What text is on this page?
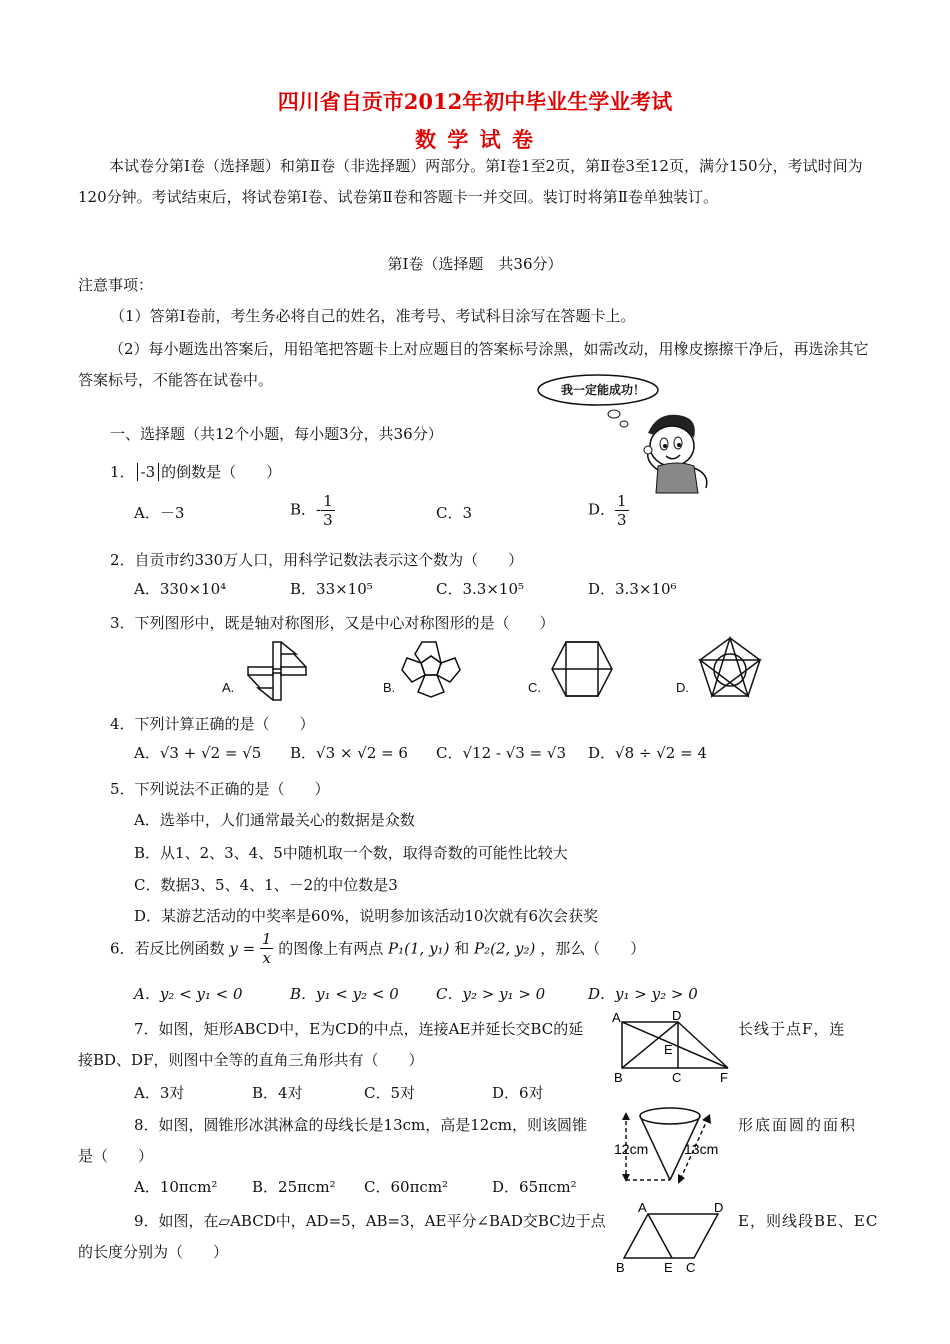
四川省自贡市2012年初中毕业生学业考试
数 学 试 卷
本试卷分第Ⅰ卷（选择题）和第Ⅱ卷（非选择题）两部分。第Ⅰ卷1至2页，第Ⅱ卷3至12页，满分150分，考试时间为120分钟。考试结束后，将试卷第Ⅰ卷、试卷第Ⅱ卷和答题卡一并交回。装订时将第Ⅱ卷单独装订。
第Ⅰ卷（选择题　共36分）
注意事项：
（1）答第Ⅰ卷前，考生务必将自己的姓名，准考号、考试科目涂写在答题卡上。
（2）每小题选出答案后，用铅笔把答题卡上对应题目的答案标号涂黑，如需改动，用橡皮擦擦干净后，再选涂其它答案标号，不能答在试卷中。
我一定能成功！
一、选择题（共12个小题，每小题3分，共36分）
1． -3 的倒数是（　　）
A．－3	B．- $\frac{1}{3}$	C．3	D． $\frac{1}{3}$
2．自贡市约330万人口，用科学记数法表示这个数为（　　）
A．330×10⁴	B．33×10⁵	C．3.3×10⁵	D．3.3×10⁶
3．下列图形中，既是轴对称图形，又是中心对称图形的是（　　）
A.	B.	C.	D.
4．下列计算正确的是（　　）
A．√3 + √2 = √5 B．√3 × √2 = 6 C．√12 - √3 = √3 D．√8 ÷ √2 = 4
5．下列说法不正确的是（　　）
A．选举中，人们通常最关心的数据是众数
B．从1、2、3、4、5中随机取一个数，取得奇数的可能性比较大
C．数据3、5、4、1、－2的中位数是3
D．某游艺活动的中奖率是60%，说明参加该活动10次就有6次会获奖
6．若反比例函数 $y = \frac{1}{x}$ 的图像上有两点 P₁(1, y₁) 和 P₂(2, y₂) ，那么（　　）
A．y₂ < y₁ < 0	B．y₁ < y₂ < 0 C．y₂ > y₁ > 0	D．y₁ > y₂ > 0
7．如图，矩形ABCD中，E为CD的中点，连接AE并延长交BC的延	长线于点F，连
接BD、DF，则图中全等的直角三角形共有（　　）
A．3对	B．4对	C．5对	D．6对
A	D
E
B	C	F
8．如图，圆锥形冰淇淋盒的母线长是13cm，高是12cm，则该圆锥	形底面圆的面积
是（　　）
A．10πcm² B．25πcm² C．60πcm²	D．65πcm²
12cm	13cm
9．如图，在▱ABCD中，AD=5，AB=3，AE平分∠BAD交BC边于点	E，则线段BE、EC
的长度分别为（　　）
A	D
B	E C
